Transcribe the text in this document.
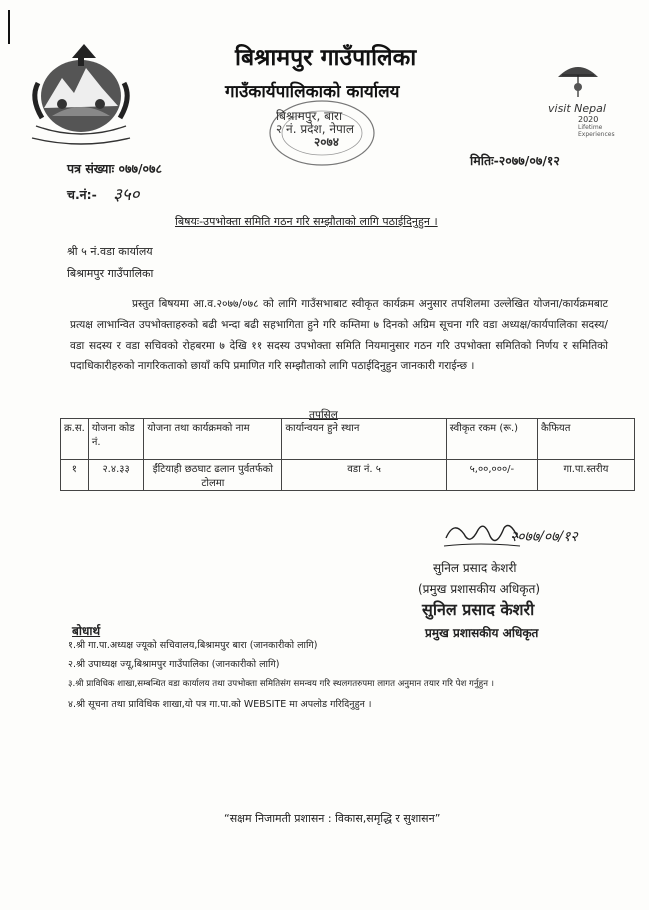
बिश्रामपुर गाउँपालिका
गाउँकार्यपालिकाको कार्यालय
बिश्रामपुर, बारा
२ नं. प्रदेश, नेपाल
२०७४
visit Nepal
2020
Lifetime Experiences
पत्र संख्याः ०७७/०७८
च.नं:- ३५०
मितिः-२०७७/०७/१२
बिषयः-उपभोक्ता समिति गठन गरि सम्झौताको लागि पठाईदिनुहुन ।
श्री ५ नं.वडा कार्यालय
बिश्रामपुर गाउँपालिका
प्रस्तुत बिषयमा आ.व.२०७७/०७८ को लागि गाउँसभाबाट स्वीकृत कार्यक्रम अनुसार तपशिलमा उल्लेखित योजना/कार्यक्रमबाट प्रत्यक्ष लाभान्वित उपभोक्ताहरुको बढी भन्दा बढी सहभागिता हुने गरि कम्तिमा ७ दिनको अग्रिम सूचना गरि वडा अध्यक्ष/कार्यपालिका सदस्य/वडा सदस्य र वडा सचिवको रोहबरमा ७ देखि ११ सदस्य उपभोक्ता समिति नियमानुसार गठन गरि उपभोक्ता समितिको निर्णय र समितिको पदाधिकारीहरुको नागरिकताको छायाँ कपि प्रमाणित गरि सम्झौताको लागि पठाईदिनुहुन जानकारी गराईन्छ ।
तपसिल
क्र.स.	योजना कोड नं.	योजना तथा कार्यक्रमको नाम	कार्यान्वयन हुने स्थान	स्वीकृत रकम (रू.)	कैफियत
१	२.४.३३	ईंटियाही छठघाट ढलान पुर्वतर्फको टोलमा	वडा नं. ५	५,००,०००/-	गा.पा.स्तरीय
२०७७/०७/१२
सुनिल प्रसाद केशरी
(प्रमुख प्रशासकीय अधिकृत)
सुनिल प्रसाद केशरी
प्रमुख प्रशासकीय अधिकृत
बोधार्थ
१.श्री गा.पा.अध्यक्ष ज्यूको सचिवालय,बिश्रामपुर बारा (जानकारीको लागि)
२.श्री उपाध्यक्ष ज्यू,बिश्रामपुर गाउँपालिका (जानकारीको लागि)
३.श्री प्राविधिक शाखा,सम्बन्धित वडा कार्यालय तथा उपभोक्ता समितिसंग समन्वय गरि स्थलगतरुपमा लागत अनुमान तयार गरि पेश गर्नुहुन ।
४.श्री सूचना तथा प्राविधिक शाखा,यो पत्र गा.पा.को WEBSITE मा अपलोड गरिदिनुहुन ।
“सक्षम निजामती प्रशासन : विकास,समृद्धि र सुशासन”
